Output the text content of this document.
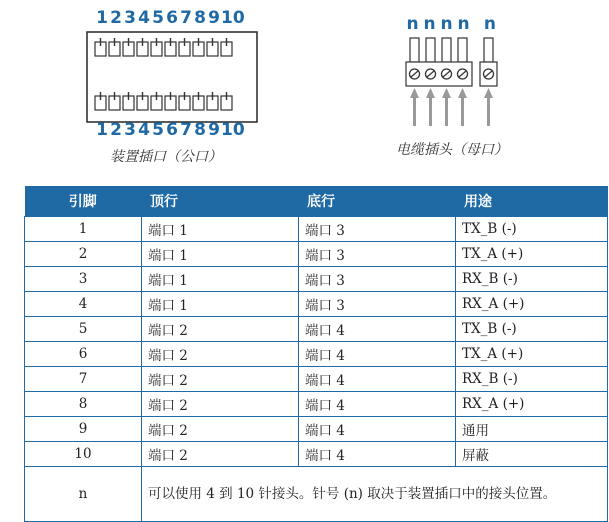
1 2 3 4 5 6 7 8 910
1 2 3 4 5 6 7 8 910
装置插口（公口）
n n n n n
电缆插头（母口）
引脚	顶行	底行	用途
1	端口 1	端口 3	TX_B (-)
2	端口 1	端口 3	TX_A (+)
3	端口 1	端口 3	RX_B (-)
4	端口 1	端口 3	RX_A (+)
5	端口 2	端口 4	TX_B (-)
6	端口 2	端口 4	TX_A (+)
7	端口 2	端口 4	RX_B (-)
8	端口 2	端口 4	RX_A (+)
9	端口 2	端口 4	通用
10	端口 2	端口 4	屏蔽
n	可以使用 4 到 10 针接头。针号 (n) 取决于装置插口中的接头位置。		
